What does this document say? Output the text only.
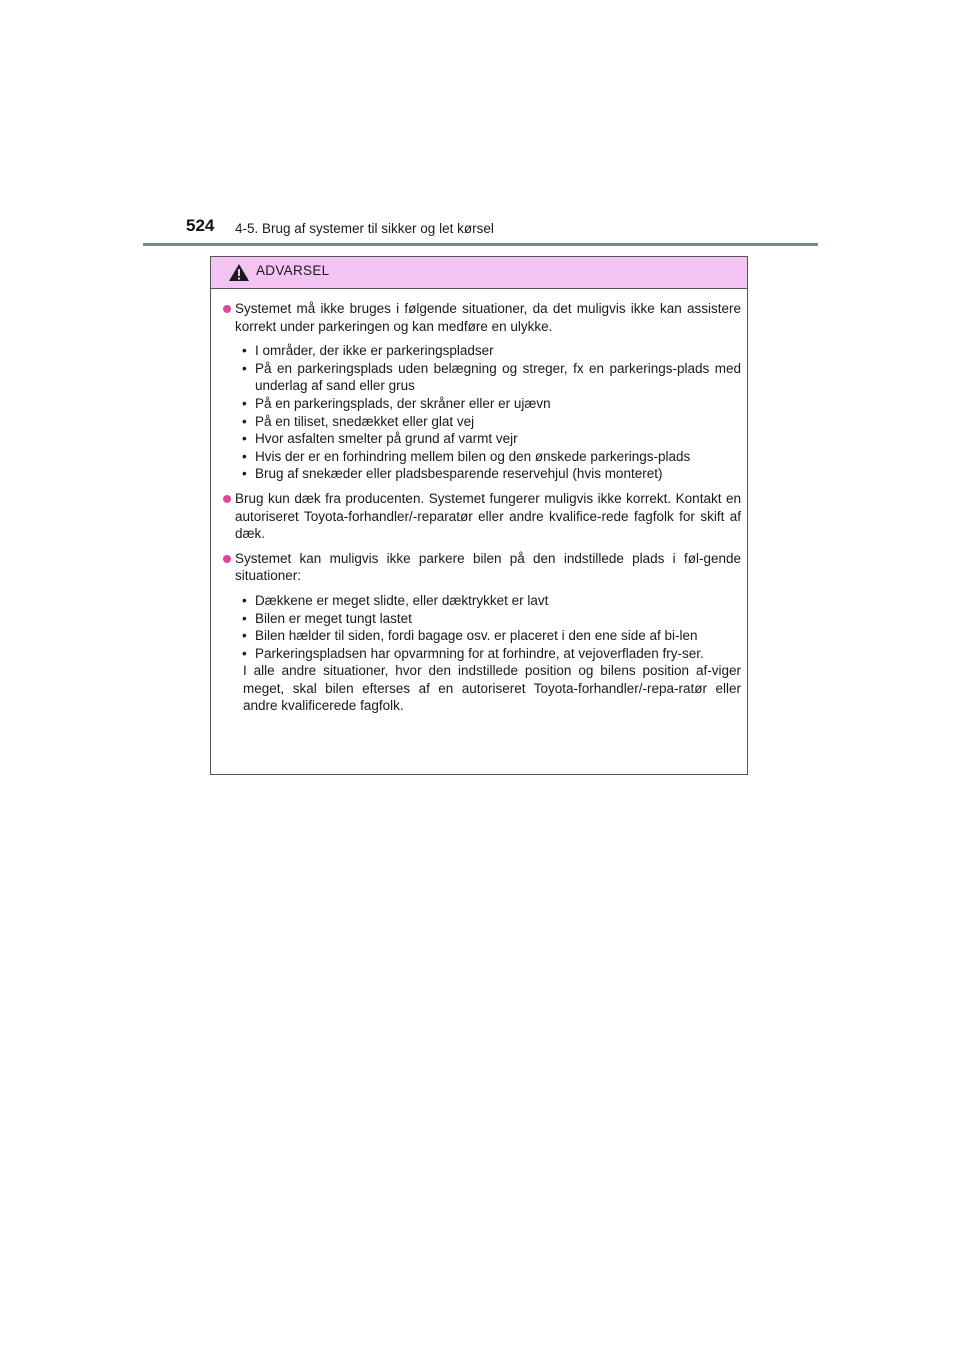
524 4-5. Brug af systemer til sikker og let kørsel
ADVARSEL
Systemet må ikke bruges i følgende situationer, da det muligvis ikke kan assistere korrekt under parkeringen og kan medføre en ulykke.
• I områder, der ikke er parkeringspladser
• På en parkeringsplads uden belægning og streger, fx en parkerings-plads med underlag af sand eller grus
• På en parkeringsplads, der skråner eller er ujævn
• På en tiliset, snedækket eller glat vej
• Hvor asfalten smelter på grund af varmt vejr
• Hvis der er en forhindring mellem bilen og den ønskede parkerings-plads
• Brug af snekæder eller pladsbesparende reservehjul (hvis monteret)
Brug kun dæk fra producenten. Systemet fungerer muligvis ikke korrekt. Kontakt en autoriseret Toyota-forhandler/-reparatør eller andre kvalifice-rede fagfolk for skift af dæk.
Systemet kan muligvis ikke parkere bilen på den indstillede plads i føl-gende situationer:
• Dækkene er meget slidte, eller dæktrykket er lavt
• Bilen er meget tungt lastet
• Bilen hælder til siden, fordi bagage osv. er placeret i den ene side af bi-len
• Parkeringspladsen har opvarmning for at forhindre, at vejoverfladen fry-ser.
I alle andre situationer, hvor den indstillede position og bilens position af-viger meget, skal bilen efterses af en autoriseret Toyota-forhandler/-repa-ratør eller andre kvalificerede fagfolk.
